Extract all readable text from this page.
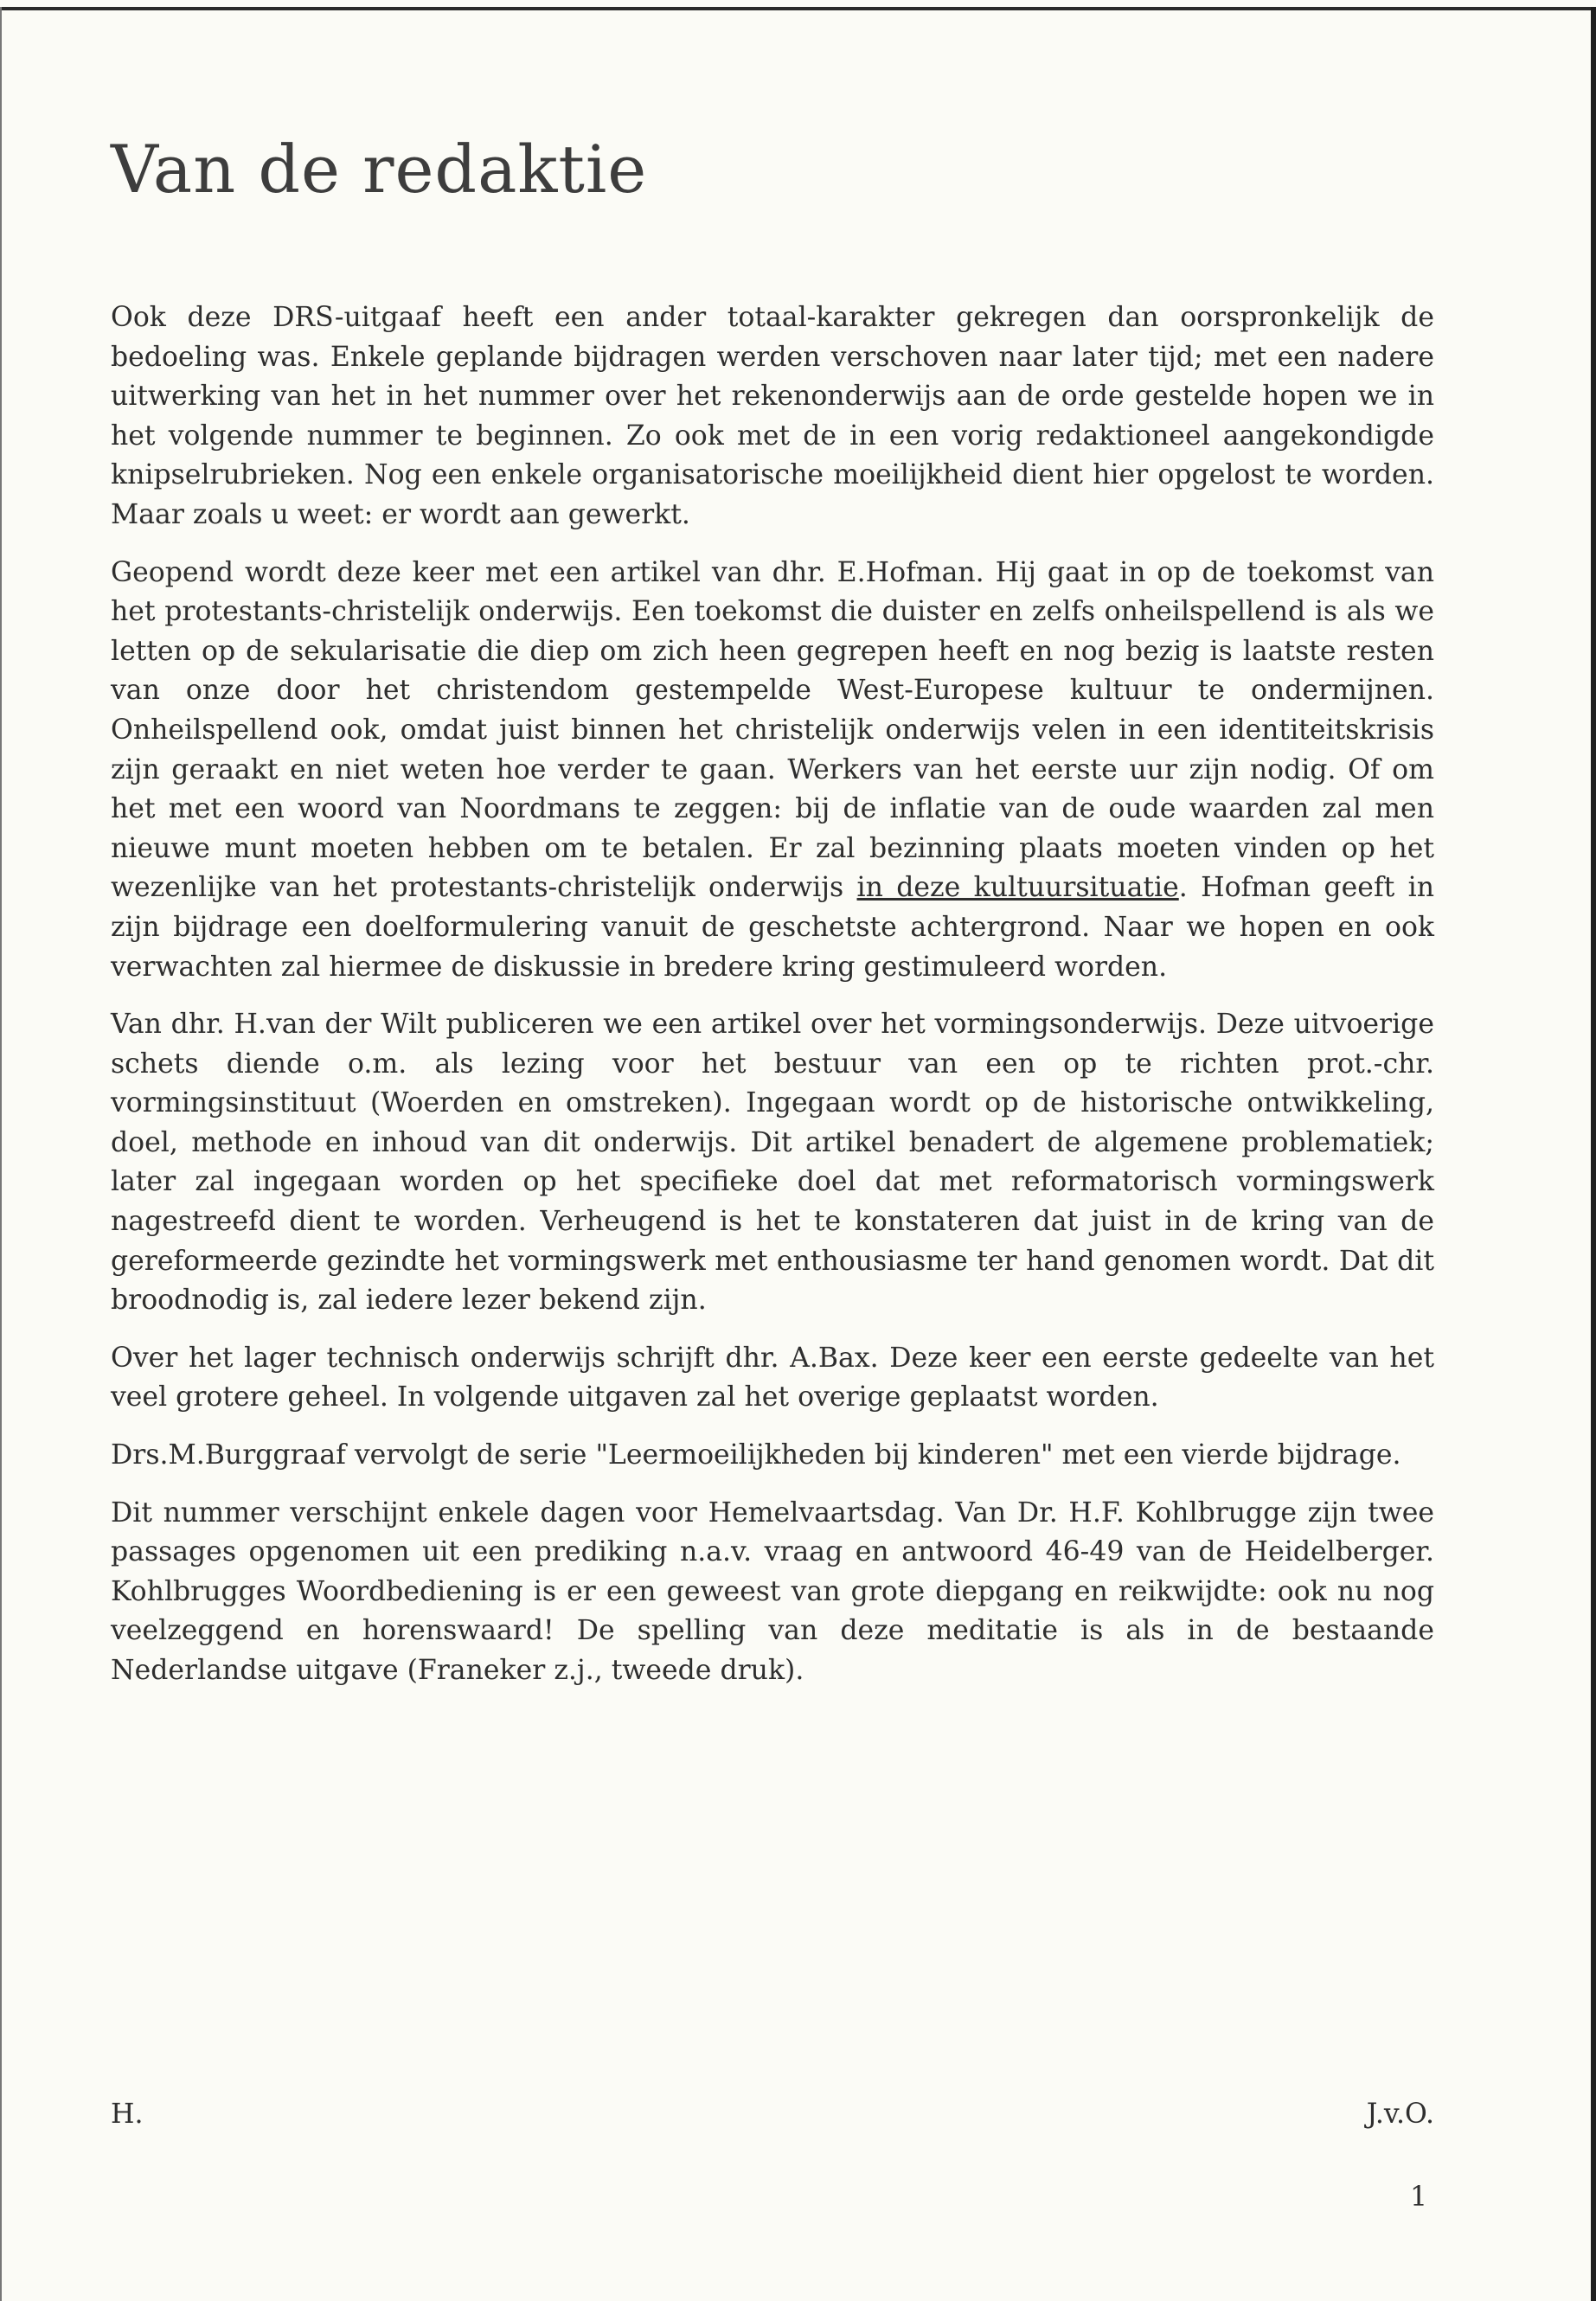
Van de redaktie

Ook deze DRS-uitgaaf heeft een ander totaal-karakter gekregen dan oorspronkelijk de bedoeling was. Enkele geplande bijdragen werden verschoven naar later tijd; met een nadere uitwerking van het in het nummer over het rekenonderwijs aan de orde gestelde hopen we in het volgende nummer te beginnen. Zo ook met de in een vorig redaktioneel aangekondigde knipselrubrieken. Nog een enkele organisatorische moeilijkheid dient hier opgelost te worden. Maar zoals u weet: er wordt aan gewerkt.

Geopend wordt deze keer met een artikel van dhr. E.Hofman. Hij gaat in op de toekomst van het protestants-christelijk onderwijs. Een toekomst die duister en zelfs onheilspellend is als we letten op de sekularisatie die diep om zich heen gegrepen heeft en nog bezig is laatste resten van onze door het christendom gestempelde West-Europese kultuur te ondermijnen. Onheilspellend ook, omdat juist binnen het christelijk onderwijs velen in een identiteitskrisis zijn geraakt en niet weten hoe verder te gaan. Werkers van het eerste uur zijn nodig. Of om het met een woord van Noordmans te zeggen: bij de inflatie van de oude waarden zal men nieuwe munt moeten hebben om te betalen. Er zal bezinning plaats moeten vinden op het wezenlijke van het protestants-christelijk onderwijs in deze kultuursituatie. Hofman geeft in zijn bijdrage een doelformulering vanuit de geschetste achtergrond. Naar we hopen en ook verwachten zal hiermee de diskussie in bredere kring gestimuleerd worden.

Van dhr. H.van der Wilt publiceren we een artikel over het vormingsonderwijs. Deze uitvoerige schets diende o.m. als lezing voor het bestuur van een op te richten prot.-chr. vormingsinstituut (Woerden en omstreken). Ingegaan wordt op de historische ontwikkeling, doel, methode en inhoud van dit onderwijs. Dit artikel benadert de algemene problematiek; later zal ingegaan worden op het specifieke doel dat met reformatorisch vormingswerk nagestreefd dient te worden. Verheugend is het te konstateren dat juist in de kring van de gereformeerde gezindte het vormingswerk met enthousiasme ter hand genomen wordt. Dat dit broodnodig is, zal iedere lezer bekend zijn.

Over het lager technisch onderwijs schrijft dhr. A.Bax. Deze keer een eerste gedeelte van het veel grotere geheel. In volgende uitgaven zal het overige geplaatst worden.

Drs.M.Burggraaf vervolgt de serie "Leermoeilijkheden bij kinderen" met een vierde bijdrage.

Dit nummer verschijnt enkele dagen voor Hemelvaartsdag. Van Dr. H.F. Kohlbrugge zijn twee passages opgenomen uit een prediking n.a.v. vraag en antwoord 46-49 van de Heidelberger. Kohlbrugges Woordbediening is er een geweest van grote diepgang en reikwijdte: ook nu nog veelzeggend en horenswaard! De spelling van deze meditatie is als in de bestaande Nederlandse uitgave (Franeker z.j., tweede druk).

H.	J.v.O.
1
